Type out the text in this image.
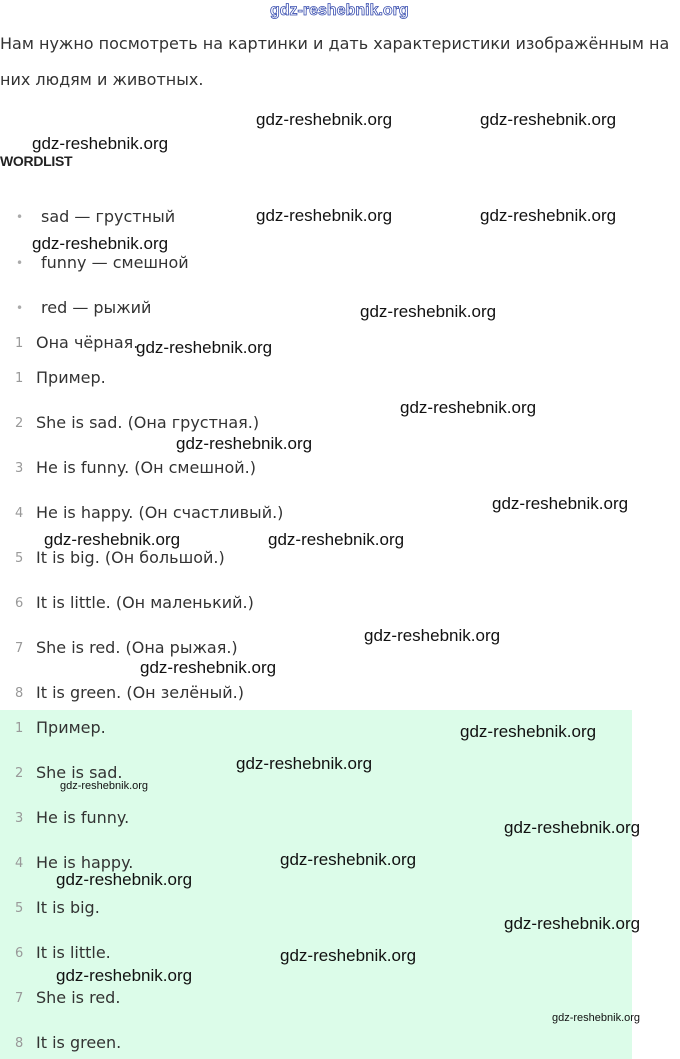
gdz-reshebnik.org
Нам нужно посмотреть на картинки и дать характеристики изображённым на
них людям и животных.
WORDLIST
• sad — грустный
• funny — смешной
• red — рыжий
1 Она чёрная.
1 Пример.
2 She is sad. (Она грустная.)
3 He is funny. (Он смешной.)
4 He is happy. (Он счастливый.)
5 It is big. (Он большой.)
6 It is little. (Он маленький.)
7 She is red. (Она рыжая.)
8 It is green. (Он зелёный.)
1 Пример.
2 She is sad.
3 He is funny.
4 He is happy.
5 It is big.
6 It is little.
7 She is red.
8 It is green.
gdz-reshebnik.org	gdz-reshebnik.org
gdz-reshebnik.org
gdz-reshebnik.org	gdz-reshebnik.org
gdz-reshebnik.org
gdz-reshebnik.org
gdz-reshebnik.org
gdz-reshebnik.org
gdz-reshebnik.org
gdz-reshebnik.org
gdz-reshebnik.org	gdz-reshebnik.org
gdz-reshebnik.org
gdz-reshebnik.org
gdz-reshebnik.org
gdz-reshebnik.org
gdz-reshebnik.org
gdz-reshebnik.org
gdz-reshebnik.org
gdz-reshebnik.org
gdz-reshebnik.org
gdz-reshebnik.org
gdz-reshebnik.org
gdz-reshebnik.org
